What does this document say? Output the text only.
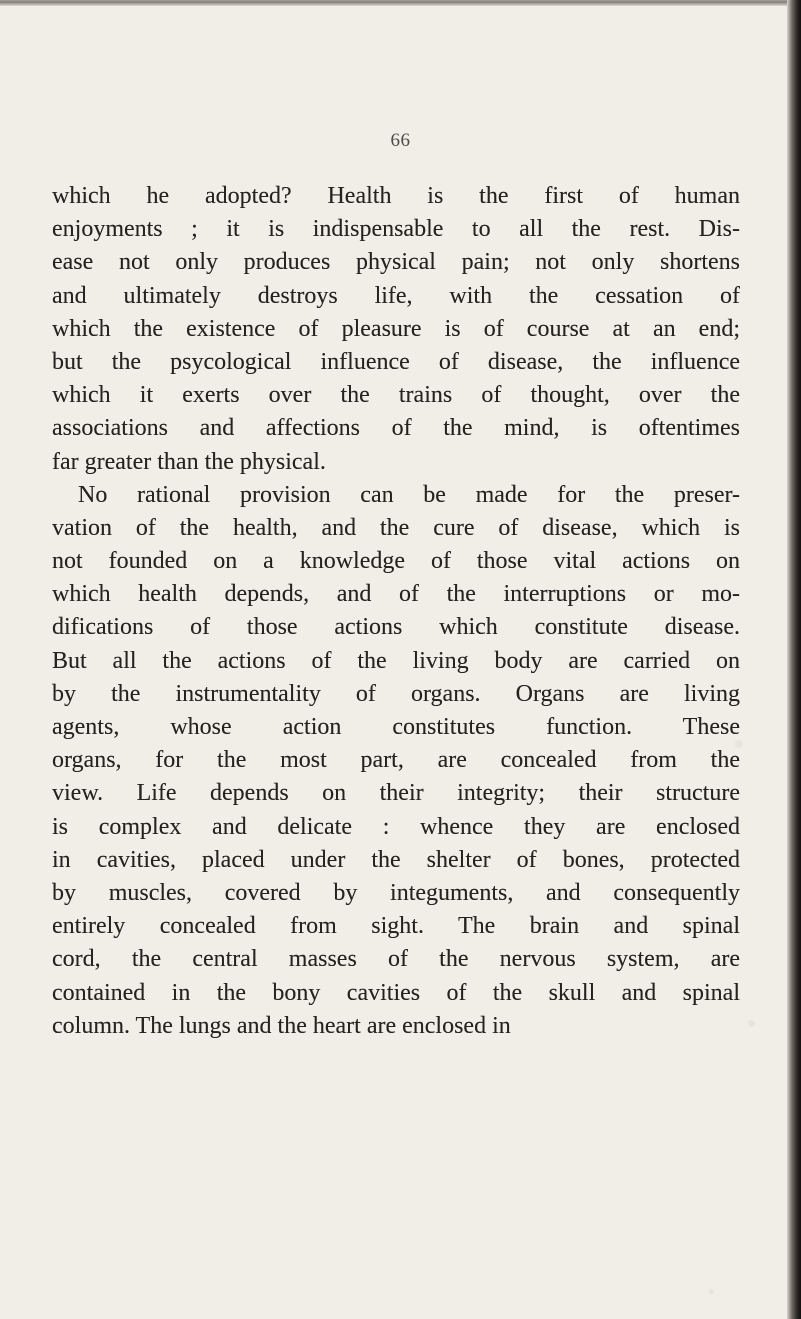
66
which he adopted? Health is the first of human
enjoyments ; it is indispensable to all the rest. Dis-
ease not only produces physical pain; not only shortens
and ultimately destroys life, with the cessation of
which the existence of pleasure is of course at an end;
but the psycological influence of disease, the influence
which it exerts over the trains of thought, over the
associations and affections of the mind, is oftentimes
far greater than the physical.
No rational provision can be made for the preser-
vation of the health, and the cure of disease, which is
not founded on a knowledge of those vital actions on
which health depends, and of the interruptions or mo-
difications of those actions which constitute disease.
But all the actions of the living body are carried on
by the instrumentality of organs. Organs are living
agents, whose action constitutes function. These
organs, for the most part, are concealed from the
view. Life depends on their integrity; their structure
is complex and delicate : whence they are enclosed
in cavities, placed under the shelter of bones, protected
by muscles, covered by integuments, and consequently
entirely concealed from sight. The brain and spinal
cord, the central masses of the nervous system, are
contained in the bony cavities of the skull and spinal
column. The lungs and the heart are enclosed in
